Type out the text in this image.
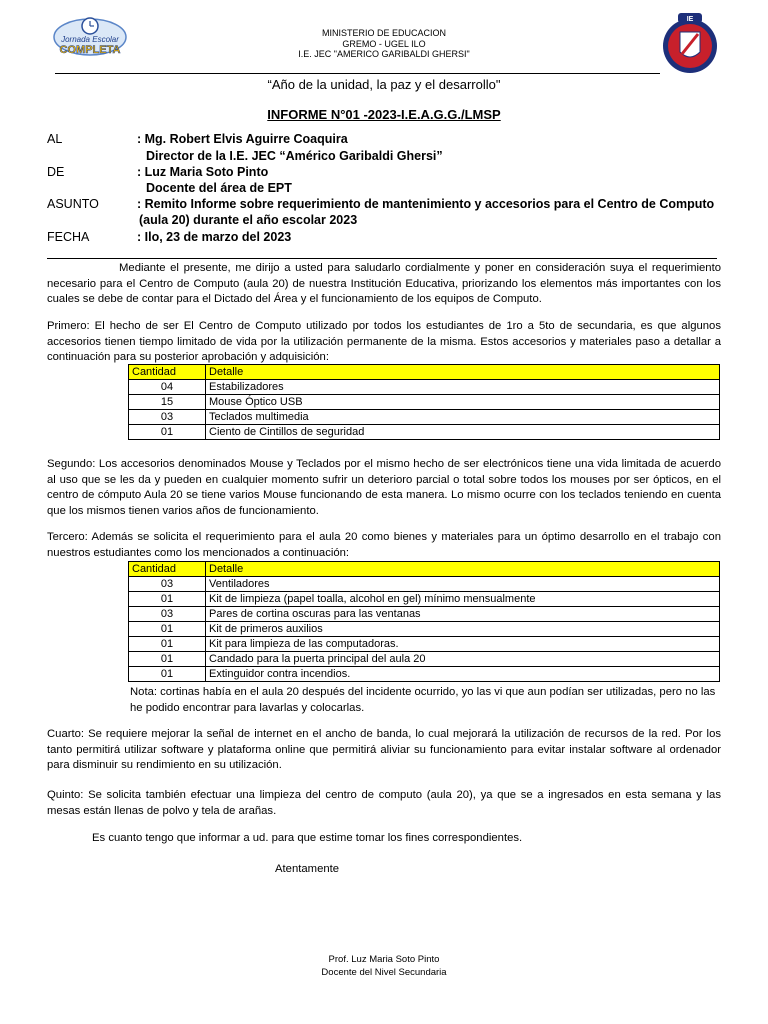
Jornada Escolar
COMPLETA
MINISTERIO DE EDUCACION
GREMO - UGEL ILO
I.E. JEC "AMERICO GARIBALDI GHERSI"
IE
“Año de la unidad, la paz y el desarrollo"
INFORME N°01 -2023-I.E.A.G.G./LMSP
AL	: Mg. Robert Elvis Aguirre Coaquira
Director de la I.E. JEC “Américo Garibaldi Ghersi”
DE	: Luz Maria Soto Pinto
Docente del área de EPT
ASUNTO	: Remito Informe sobre requerimiento de mantenimiento y accesorios para el Centro de Computo
(aula 20) durante el año escolar 2023
FECHA	: Ilo, 23 de marzo del 2023
Mediante el presente, me dirijo a usted para saludarlo cordialmente y poner en consideración suya el requerimiento necesario para el Centro de Computo (aula 20) de nuestra Institución Educativa, priorizando los elementos más importantes con los cuales se debe de contar para el Dictado del Área y el funcionamiento de los equipos de Computo.
Primero: El hecho de ser El Centro de Computo utilizado por todos los estudiantes de 1ro a 5to de secundaria, es que algunos accesorios tienen tiempo limitado de vida por la utilización permanente de la misma. Estos accesorios y materiales paso a detallar a continuación para su posterior aprobación y adquisición:
Cantidad	Detalle
04	Estabilizadores
15	Mouse Óptico USB
03	Teclados multimedia
01	Ciento de Cintillos de seguridad
Segundo: Los accesorios denominados Mouse y Teclados por el mismo hecho de ser electrónicos tiene una vida limitada de acuerdo al uso que se les da y pueden en cualquier momento sufrir un deterioro parcial o total sobre todos los mouses por ser ópticos, en el centro de cómputo Aula 20 se tiene varios Mouse funcionando de esta manera. Lo mismo ocurre con los teclados teniendo en cuenta que los mismos tienen varios años de funcionamiento.
Tercero: Además se solicita el requerimiento para el aula 20 como bienes y materiales para un óptimo desarrollo en el trabajo con nuestros estudiantes como los mencionados a continuación:
Cantidad	Detalle
03	Ventiladores
01	Kit de limpieza (papel toalla, alcohol en gel) mínimo mensualmente
03	Pares de cortina oscuras para las ventanas
01	Kit de primeros auxilios
01	Kit para limpieza de las computadoras.
01	Candado para la puerta principal del aula 20
01	Extinguidor contra incendios.
Nota: cortinas había en el aula 20 después del incidente ocurrido, yo las vi que aun podían ser utilizadas, pero no las he podido encontrar para lavarlas y colocarlas.
Cuarto: Se requiere mejorar la señal de internet en el ancho de banda, lo cual mejorará la utilización de recursos de la red. Por los tanto permitirá utilizar software y plataforma online que permitirá aliviar su funcionamiento para evitar instalar software al ordenador para disminuir su rendimiento en su utilización.
Quinto: Se solicita también efectuar una limpieza del centro de computo (aula 20), ya que se a ingresados en esta semana y las mesas están llenas de polvo y tela de arañas.
Es cuanto tengo que informar a ud. para que estime tomar los fines correspondientes.
Atentamente
Prof. Luz Maria Soto Pinto
Docente del Nivel Secundaria
